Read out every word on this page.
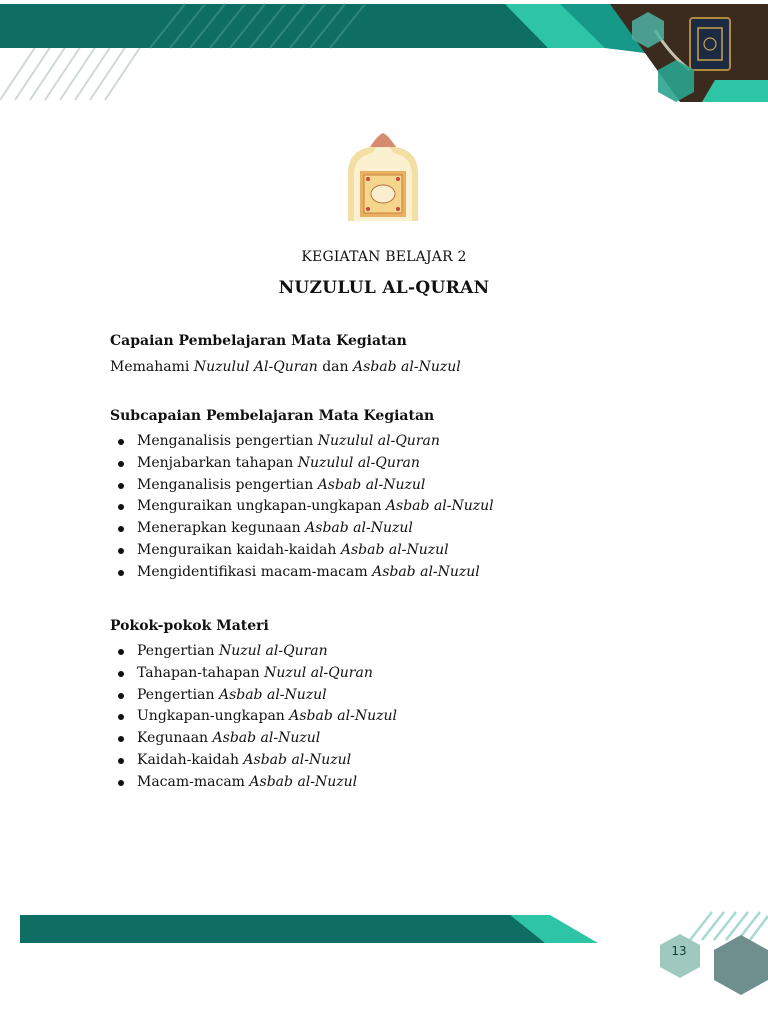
KEGIATAN BELAJAR 2
NUZULUL AL-QURAN
Capaian Pembelajaran Mata Kegiatan
Memahami Nuzulul Al-Quran dan Asbab al-Nuzul
Subcapaian Pembelajaran Mata Kegiatan
Menganalisis pengertian Nuzulul al-Quran
Menjabarkan tahapan Nuzulul al-Quran
Menganalisis pengertian Asbab al-Nuzul
Menguraikan ungkapan-ungkapan Asbab al-Nuzul
Menerapkan kegunaan Asbab al-Nuzul
Menguraikan kaidah-kaidah Asbab al-Nuzul
Mengidentifikasi macam-macam Asbab al-Nuzul
Pokok-pokok Materi
Pengertian Nuzul al-Quran
Tahapan-tahapan Nuzul al-Quran
Pengertian Asbab al-Nuzul
Ungkapan-ungkapan Asbab al-Nuzul
Kegunaan Asbab al-Nuzul
Kaidah-kaidah Asbab al-Nuzul
Macam-macam Asbab al-Nuzul
13
